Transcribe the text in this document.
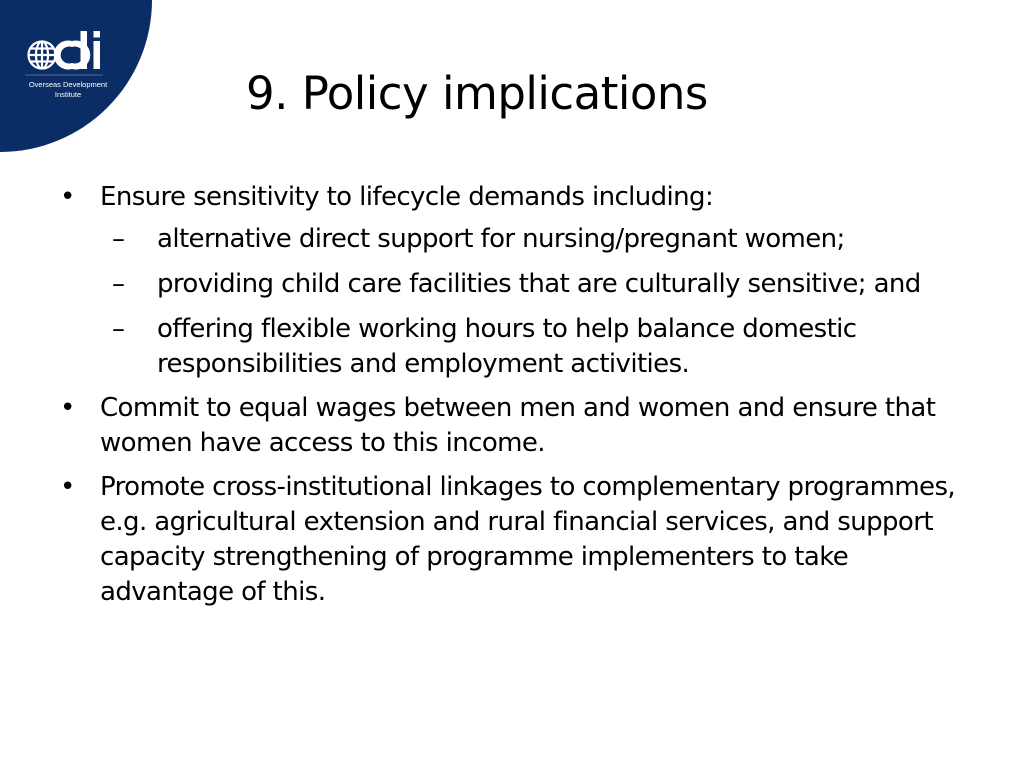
Overseas Development
Institute	9. Policy implications
• Ensure sensitivity to lifecycle demands including:
–	alternative direct support for nursing/pregnant women;
–	providing child care facilities that are culturally sensitive; and
–	offering flexible working hours to help balance domestic responsibilities and employment activities.
• Commit to equal wages between men and women and ensure that women have access to this income.
• Promote cross-institutional linkages to complementary programmes, e.g. agricultural extension and rural financial services, and support capacity strengthening of programme implementers to take advantage of this.
